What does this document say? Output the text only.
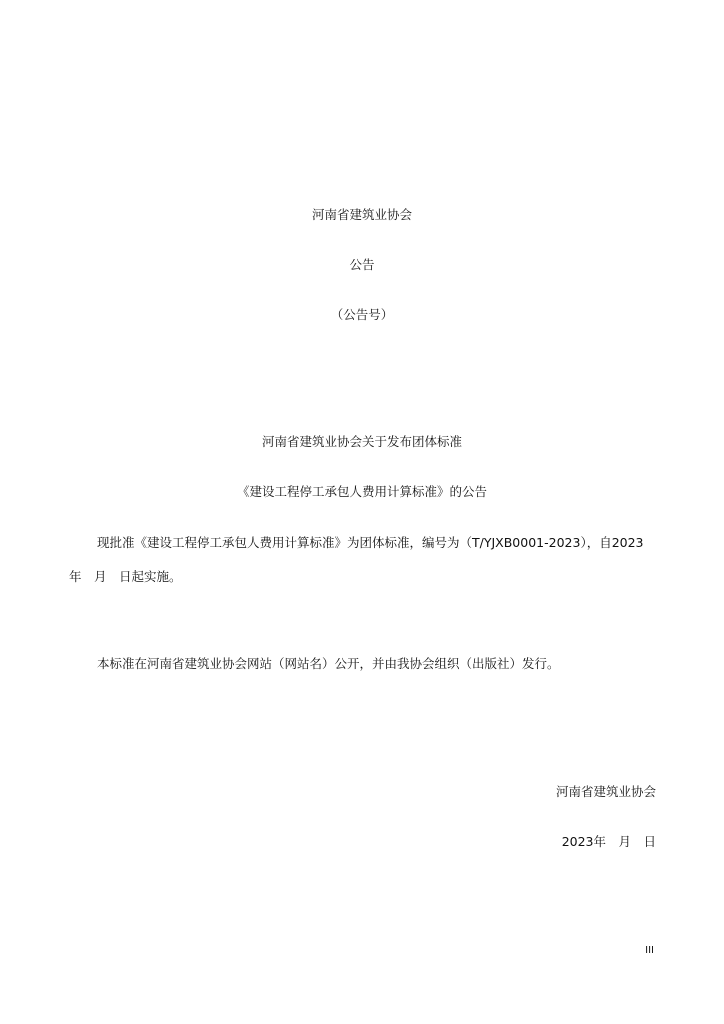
河南省建筑业协会
公告
（公告号）
河南省建筑业协会关于发布团体标准
《建设工程停工承包人费用计算标准》的公告
现批准《建设工程停工承包人费用计算标准》为团体标准，编号为（T/YJXB0001-2023），自2023
年　月　日起实施。
本标准在河南省建筑业协会网站（网站名）公开，并由我协会组织（出版社）发行。
河南省建筑业协会
2023年　月　日
III
